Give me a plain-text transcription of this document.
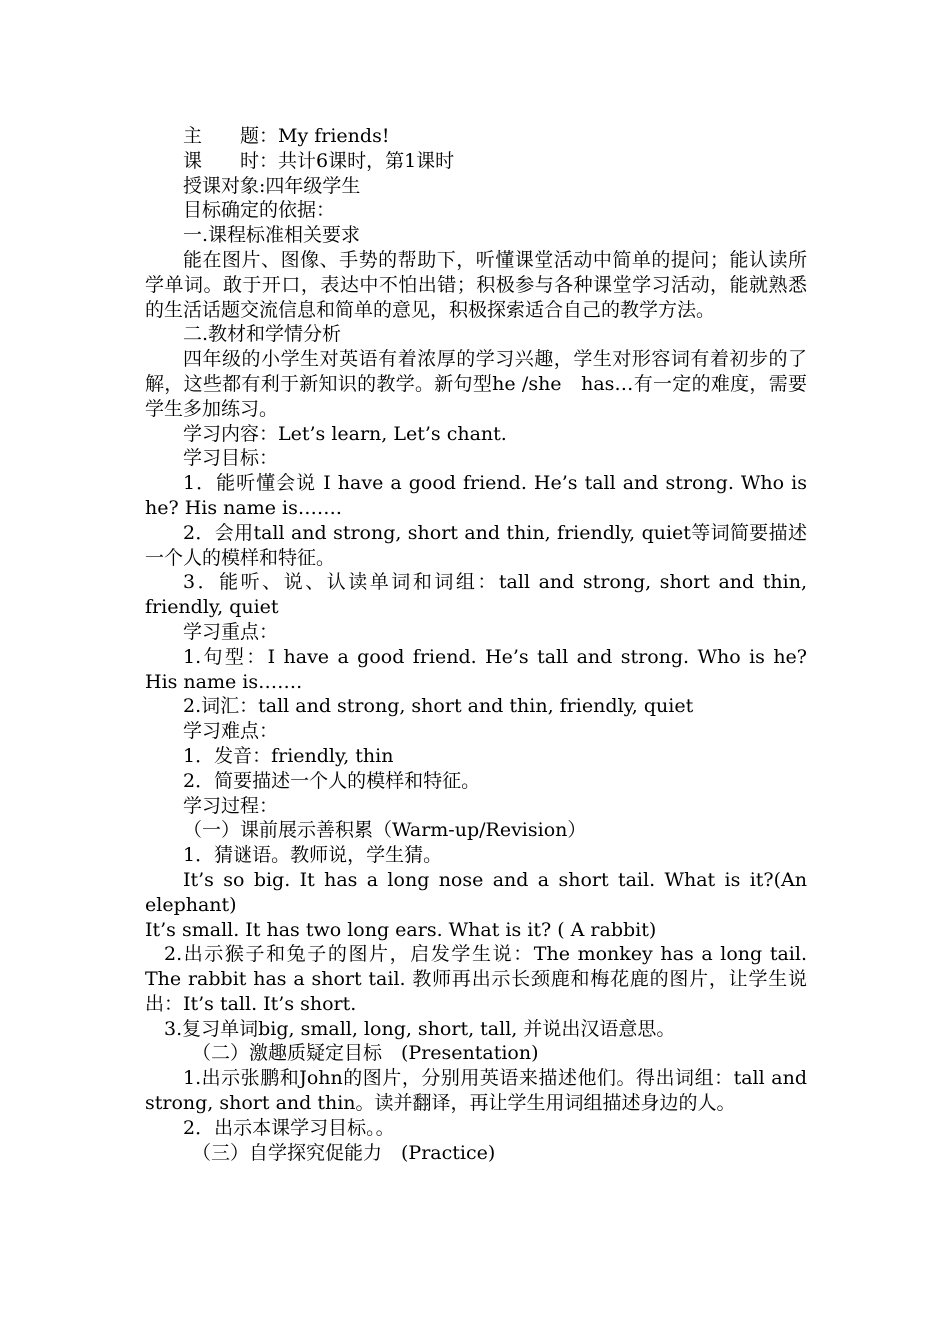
主　　题：My friends!

课　　时：共计6课时，第1课时

授课对象:四年级学生

目标确定的依据：

一.课程标准相关要求

能在图片、图像、手势的帮助下，听懂课堂活动中简单的提问；能认读所学单词。敢于开口，表达中不怕出错；积极参与各种课堂学习活动，能就熟悉的生活话题交流信息和简单的意见，积极探索适合自己的教学方法。

二.教材和学情分析

四年级的小学生对英语有着浓厚的学习兴趣，学生对形容词有着初步的了解，这些都有利于新知识的教学。新句型he /she　has…有一定的难度，需要学生多加练习。

学习内容：Let’s learn, Let’s chant.

学习目标：

1．能听懂会说 I have a good friend. He’s tall and strong. Who is he? His name is…….

2．会用tall and strong, short and thin, friendly, quiet等词简要描述一个人的模样和特征。

3．能听、说、认读单词和词组：tall and strong, short and thin, friendly, quiet

学习重点：

1.句型：I have a good friend. He’s tall and strong. Who is he? His name is…….

2.词汇：tall and strong, short and thin, friendly, quiet

学习难点：

1．发音：friendly, thin

2．简要描述一个人的模样和特征。

学习过程：

（一）课前展示善积累（Warm-up/Revision）

1．猜谜语。教师说，学生猜。

It’s so big. It has a long nose and a short tail. What is it?(An elephant)

It’s small. It has two long ears. What is it? ( A rabbit)

2.出示猴子和兔子的图片，启发学生说：The monkey has a long tail. The rabbit has a short tail. 教师再出示长颈鹿和梅花鹿的图片，让学生说出：It’s tall. It’s short.

3.复习单词big, small, long, short, tall, 并说出汉语意思。

（二）激趣质疑定目标　(Presentation)

1.出示张鹏和John的图片，分别用英语来描述他们。得出词组：tall and strong, short and thin。读并翻译，再让学生用词组描述身边的人。

2．出示本课学习目标。。

（三）自学探究促能力　(Practice)
